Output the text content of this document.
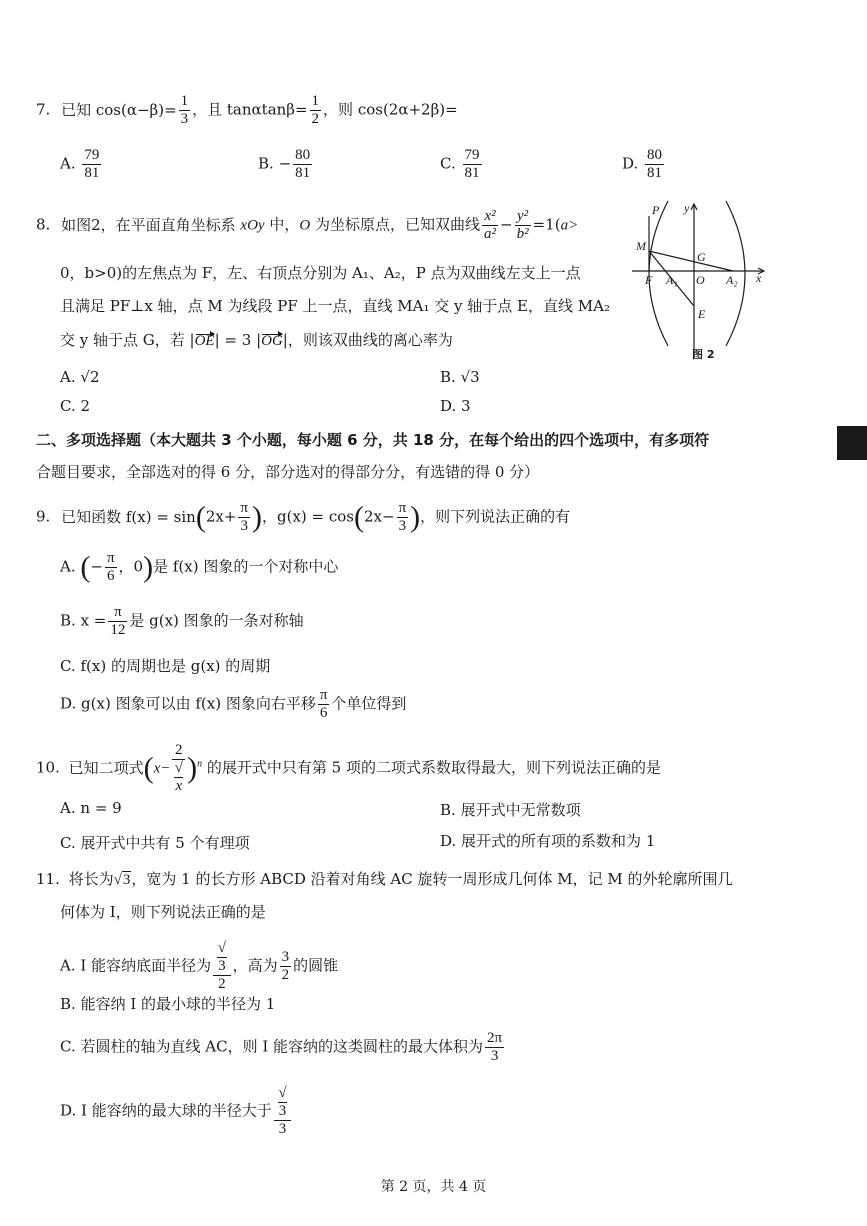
7. 已知 $\cos(\alpha-\beta)= \frac{1}{3}$ ，且 $\tan\alpha\tan\beta= \frac{1}{2}$ ，则 cos(2α+2β)=
A. $\frac{79}{81}$	B. − $\frac{80}{81}$	C. $\frac{79}{81}$	D. $\frac{80}{81}$
8. 如图2，在平面直角坐标系 xOy 中，O 为坐标原点，已知双曲线 $\frac{\text{x²}}{\text{a²}} - \frac{\text{y²}}{\text{b²}} =1(a>$
0，b>0)的左焦点为 F，左、右顶点分别为 A₁、A₂，P 点为双曲线左支上一点
且满足 PF⊥x 轴，点 M 为线段 PF 上一点，直线 MA₁ 交 y 轴于点 E，直线 MA₂
交 y 轴于点 G，若 |OE| = 3 |OG|，则该双曲线的离心率为
A. √2	B. √3
C. 2	D. 3
P y
M
G
F A₁ O A₂ x
E
图 2
二、多项选择题（本大题共 3 个小题，每小题 6 分，共 18 分，在每个给出的四个选项中，有多项符
合题目要求，全部选对的得 6 分，部分选对的得部分分，有选错的得 0 分）
9. 已知函数 $f(x) = \sin(2x+ \frac{\pi}{3}$ )，$g(x) = \cos(2x- \frac{\pi}{3}$ )，则下列说法正确的有
A. (− $\frac{\pi}{6}$ ，0)是 f(x) 图象的一个对称中心
B. $x = \frac{\pi}{12}$ 是 g(x) 图象的一条对称轴
C. f(x) 的周期也是 g(x) 的周期
D. g(x) 图象可以由 f(x) 图象向右平移 $\frac{\pi}{6}$ 个单位得到
10. 已知二项式(x− 2
√
x )$^n$ 的展开式中只有第 5 项的二项式系数取得最大，则下列说法正确的是
A. n = 9	B. 展开式中无常数项
C. 展开式中共有 5 个有理项	D. 展开式的所有项的系数和为 1
11. 将长为√3，宽为 1 的长方形 ABCD 沿着对角线 AC 旋转一周形成几何体 M，记 M 的外轮廓所围几
何体为 I，则下列说法正确的是
A. I 能容纳底面半径为 √
3
2 ，高为 $\frac{3}{2}$ 的圆锥
B. 能容纳 I 的最小球的半径为 1
C. 若圆柱的轴为直线 AC，则 I 能容纳的这类圆柱的最大体积为 $\frac{2\pi}{3}$
D. I 能容纳的最大球的半径大于 √
3
3
第 2 页，共 4 页
